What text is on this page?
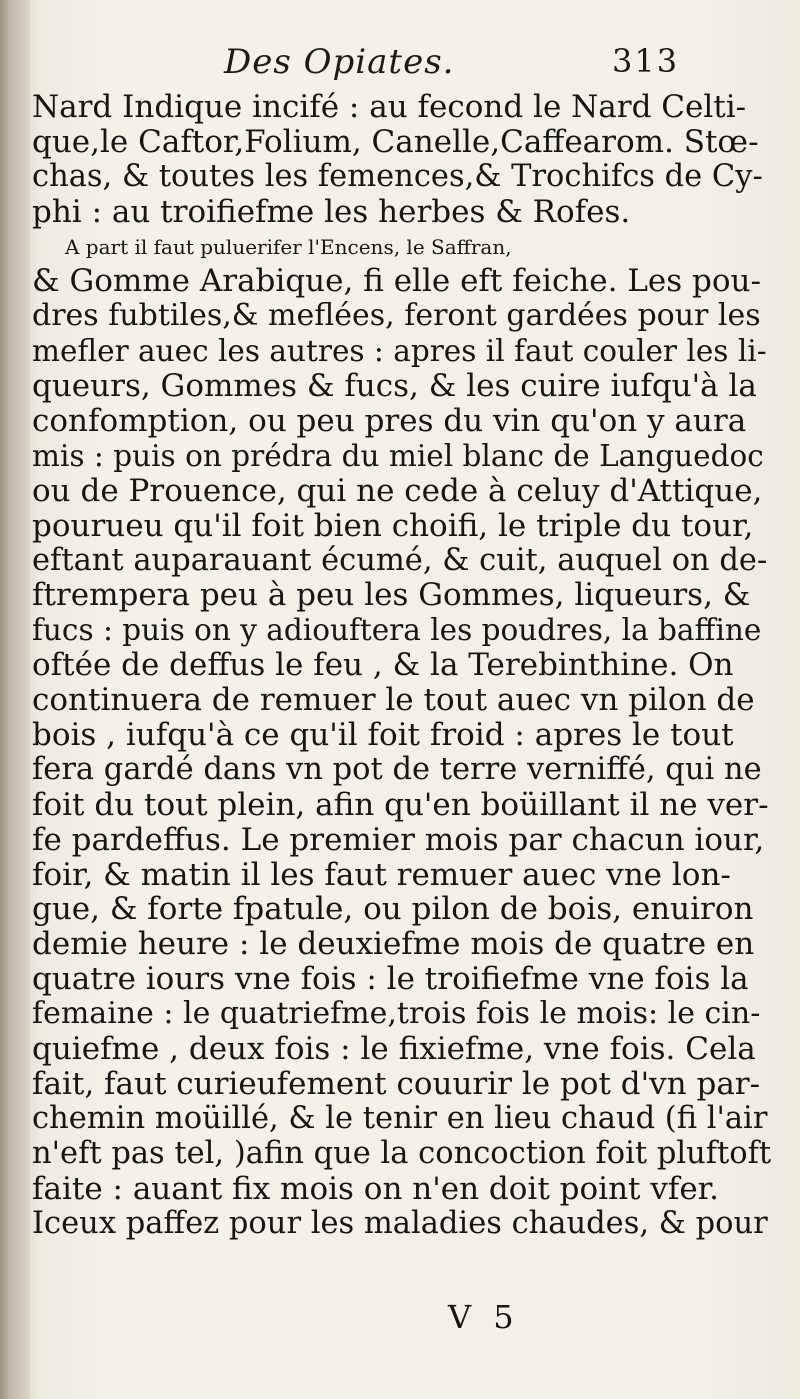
Des Opiates.	313
Nard Indique incifé : au fecond le Nard Celti-
que,le Caftor,Folium, Canelle,Caffearom. Stœ-
chas, & toutes les femences,& Trochifcs de Cy-
phi : au troifiefme les herbes & Rofes.
A part il faut puluerifer l'Encens, le Saffran,
& Gomme Arabique, fi elle eft feiche. Les pou-
dres fubtiles,& meflées, feront gardées pour les
mefler auec les autres : apres il faut couler les li-
queurs, Gommes & fucs, & les cuire iufqu'à la
confomption, ou peu pres du vin qu'on y aura
mis : puis on prédra du miel blanc de Languedoc
ou de Prouence, qui ne cede à celuy d'Attique,
pourueu qu'il foit bien choifi, le triple du tour,
eftant auparauant écumé, & cuit, auquel on de-
ftrempera peu à peu les Gommes, liqueurs, &
fucs : puis on y adiouftera les poudres, la baffine
oftée de deffus le feu , & la Terebinthine. On
continuera de remuer le tout auec vn pilon de
bois , iufqu'à ce qu'il foit froid : apres le tout
fera gardé dans vn pot de terre verniffé, qui ne
foit du tout plein, afin qu'en boüillant il ne ver-
fe pardeffus. Le premier mois par chacun iour,
foir, & matin il les faut remuer auec vne lon-
gue, & forte fpatule, ou pilon de bois, enuiron
demie heure : le deuxiefme mois de quatre en
quatre iours vne fois : le troifiefme vne fois la
femaine : le quatriefme,trois fois le mois: le cin-
quiefme , deux fois : le fixiefme, vne fois. Cela
fait, faut curieufement couurir le pot d'vn par-
chemin moüillé, & le tenir en lieu chaud (fi l'air
n'eft pas tel, )afin que la concoction foit pluftoft
faite : auant fix mois on n'en doit point vfer.
Iceux paffez pour les maladies chaudes, & pour
V 5
